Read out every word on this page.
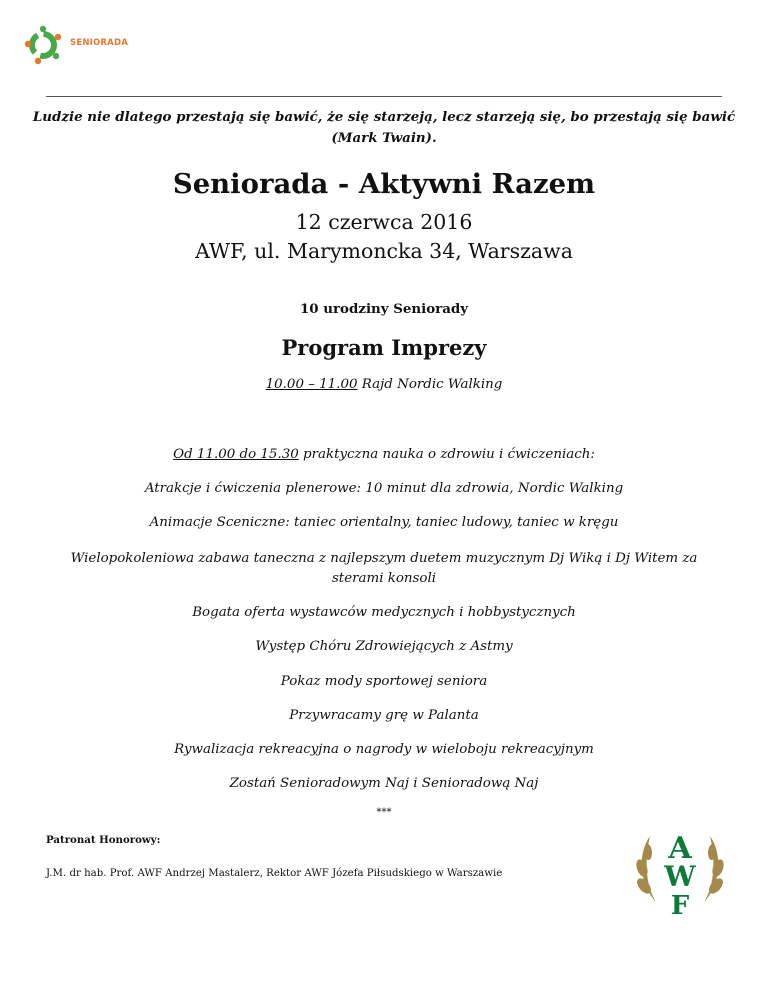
SENIORADA
Ludzie nie dlatego przestają się bawić, że się starzeją, lecz starzeją się, bo przestają się bawić (Mark Twain).
Seniorada - Aktywni Razem
12 czerwca 2016
AWF, ul. Marymoncka 34, Warszawa
10 urodziny Seniorady
Program Imprezy
10.00 – 11.00 Rajd Nordic Walking
Od 11.00 do 15.30 praktyczna nauka o zdrowiu i ćwiczeniach:
Atrakcje i ćwiczenia plenerowe: 10 minut dla zdrowia, Nordic Walking
Animacje Sceniczne: taniec orientalny, taniec ludowy, taniec w kręgu
Wielopokoleniowa zabawa taneczna z najlepszym duetem muzycznym Dj Wiką i Dj Witem za sterami konsoli
Bogata oferta wystawców medycznych i hobbystycznych
Występ Chóru Zdrowiejących z Astmy
Pokaz mody sportowej seniora
Przywracamy grę w Palanta
Rywalizacja rekreacyjna o nagrody w wieloboju rekreacyjnym
Zostań Senioradowym Naj i Senioradową Naj
***
Patronat Honorowy:
J.M. dr hab. Prof. AWF Andrzej Mastalerz, Rektor AWF Józefa Piłsudskiego w Warszawie
A
W
F
